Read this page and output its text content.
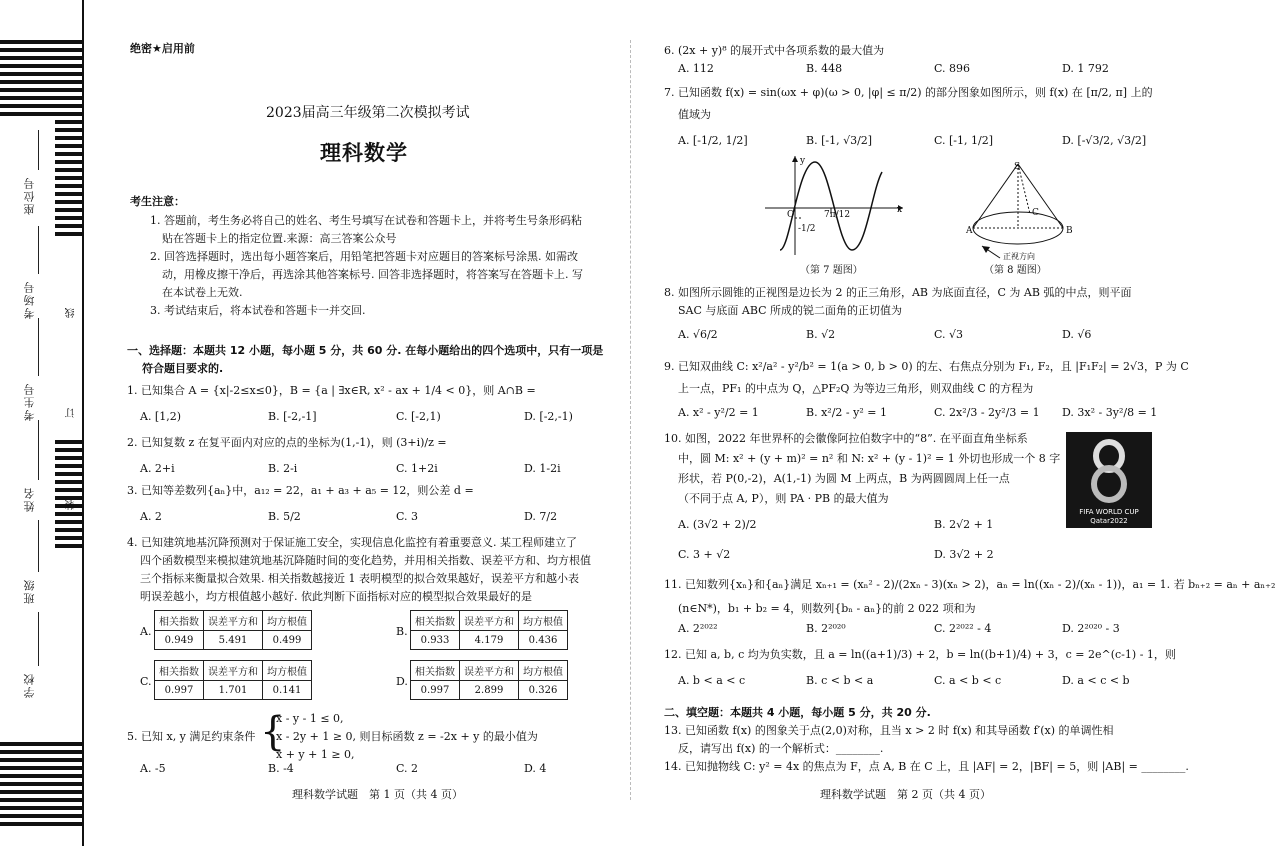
座位号
考场号
考生号
姓名
班级
学校
线
订
装
绝密★启用前
2023届高三年级第二次模拟考试
理科数学
考生注意：
1. 答题前，考生务必将自己的姓名、考生号填写在试卷和答题卡上，并将考生号条形码粘
贴在答题卡上的指定位置.来源：高三答案公众号
2. 回答选择题时，选出每小题答案后，用铅笔把答题卡对应题目的答案标号涂黑. 如需改
动，用橡皮擦干净后，再选涂其他答案标号. 回答非选择题时，将答案写在答题卡上. 写
在本试卷上无效.
3. 考试结束后，将本试卷和答题卡一并交回.
一、选择题：本题共 12 小题，每小题 5 分，共 60 分. 在每小题给出的四个选项中，只有一项是
符合题目要求的.
1. 已知集合 A = {x|-2≤x≤0}，B = {a | ∃x∈R, x² - ax + 1/4 < 0}，则 A∩B =
A. [1,2)	B. [-2,-1]	C. [-2,1)	D. [-2,-1)
2. 已知复数 z 在复平面内对应的点的坐标为(1,-1)，则 (3+i)/z =
A. 2+i	B. 2-i	C. 1+2i	D. 1-2i
3. 已知等差数列{aₙ}中，a₁₂ = 22，a₁ + a₃ + a₅ = 12，则公差 d =
A. 2	B. 5/2	C. 3	D. 7/2
4. 已知建筑地基沉降预测对于保证施工安全，实现信息化监控有着重要意义. 某工程师建立了
四个函数模型来模拟建筑地基沉降随时间的变化趋势，并用相关指数、误差平方和、均方根值
三个指标来衡量拟合效果. 相关指数越接近 1 表明模型的拟合效果越好，误差平方和越小表
明误差越小，均方根值越小越好. 依此判断下面指标对应的模型拟合效果最好的是
A.
相关指数	误差平方和	均方根值
0.949	5.491	0.499
B.
相关指数	误差平方和	均方根值
0.933	4.179	0.436
C.
相关指数	误差平方和	均方根值
0.997	1.701	0.141
D.
相关指数	误差平方和	均方根值
0.997	2.899	0.326
5. 已知 x, y 满足约束条件 {
x - y - 1 ≤ 0,
x - 2y + 1 ≥ 0, 则目标函数 z = -2x + y 的最小值为
x + y + 1 ≥ 0,
A. -5	B. -4	C. 2	D. 4
理科数学试题　第 1 页（共 4 页）
6. (2x + y)⁸ 的展开式中各项系数的最大值为
A. 112	B. 448	C. 896	D. 1 792
7. 已知函数 f(x) = sin(ωx + φ)(ω > 0, |φ| ≤ π/2) 的部分图象如图所示，则 f(x) 在 [π/2, π] 上的
值域为
A. [-1/2, 1/2]	B. [-1, √3/2]	C. [-1, 1/2]	D. [-√3/2, √3/2]
y
x
O	7π/12
-1/2
（第 7 题图）
S
A	B
C
正视方向
（第 8 题图）
8. 如图所示圆锥的正视图是边长为 2 的正三角形，AB 为底面直径，C 为 AB 弧的中点，则平面
SAC 与底面 ABC 所成的锐二面角的正切值为
A. √6/2	B. √2	C. √3	D. √6
9. 已知双曲线 C: x²/a² - y²/b² = 1(a > 0, b > 0) 的左、右焦点分别为 F₁, F₂，且 |F₁F₂| = 2√3，P 为 C
上一点，PF₁ 的中点为 Q，△PF₂Q 为等边三角形，则双曲线 C 的方程为
A. x² - y²/2 = 1	B. x²/2 - y² = 1	C. 2x²/3 - 2y²/3 = 1 D. 3x² - 3y²/8 = 1
10. 如图，2022 年世界杯的会徽像阿拉伯数字中的“8”. 在平面直角坐标系
中，圆 M: x² + (y + m)² = n² 和 N: x² + (y - 1)² = 1 外切也形成一个 8 字
形状，若 P(0,-2)，A(1,-1) 为圆 M 上两点，B 为两圆圆周上任一点
（不同于点 A, P），则 PA · PB 的最大值为
FIFA WORLD CUP Qatar2022
A. (3√2 + 2)/2	B. 2√2 + 1
C. 3 + √2	D. 3√2 + 2
11. 已知数列{xₙ}和{aₙ}满足 xₙ₊₁ = (xₙ² - 2)/(2xₙ - 3)(xₙ > 2)，aₙ = ln((xₙ - 2)/(xₙ - 1))，a₁ = 1. 若 bₙ₊₂ = aₙ + aₙ₊₂
(n∈N*)，b₁ + b₂ = 4，则数列{bₙ - aₙ}的前 2 022 项和为
A. 2²⁰²²	B. 2²⁰²⁰	C. 2²⁰²² - 4	D. 2²⁰²⁰ - 3
12. 已知 a, b, c 均为负实数，且 a = ln((a+1)/3) + 2，b = ln((b+1)/4) + 3，c = 2e^(c-1) - 1，则
A. b < a < c	B. c < b < a	C. a < b < c	D. a < c < b
二、填空题：本题共 4 小题，每小题 5 分，共 20 分.
13. 已知函数 f(x) 的图象关于点(2,0)对称，且当 x > 2 时 f(x) 和其导函数 f′(x) 的单调性相
反，请写出 f(x) 的一个解析式：________.
14. 已知抛物线 C: y² = 4x 的焦点为 F，点 A, B 在 C 上，且 |AF| = 2，|BF| = 5，则 |AB| = ________.
理科数学试题　第 2 页（共 4 页）
